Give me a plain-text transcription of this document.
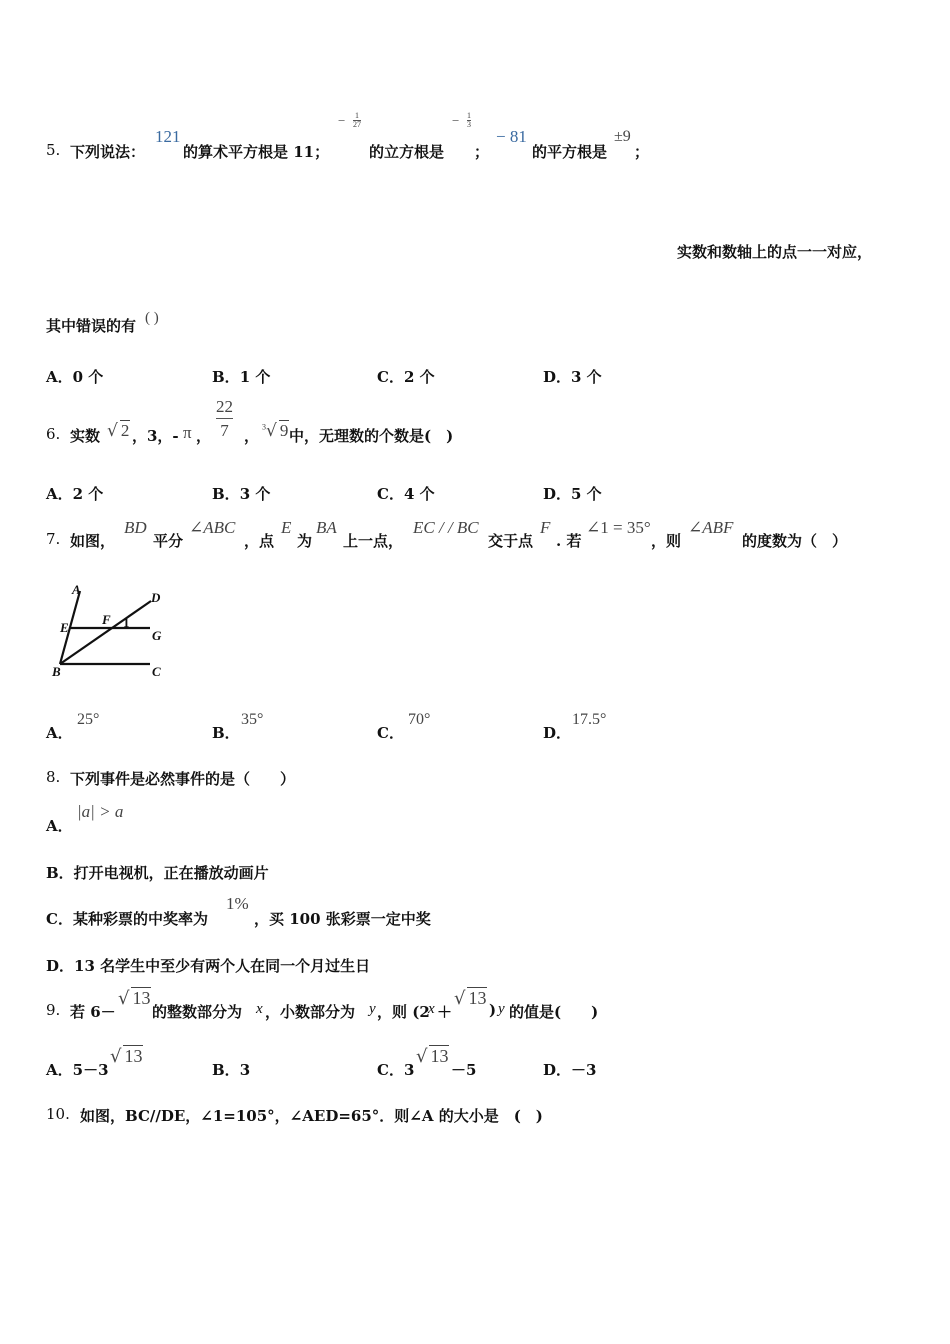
5. 下列说法：
121
的算术平方根是 11；
− $\frac{1}{27}$
的立方根是
− $\frac{1}{3}$
；
− 81
的平方根是
±9
；
实数和数轴上的点一一对应，
其中错误的有 ( )
A．0 个	B．1 个	C．2 个	D．3 个
6. 实数 √ 2 ，3，- π ， $\frac{22}{7}$ ，
$^3$√ 9 中，无理数的个数是(　)
A．2 个	B．3 个	C．4 个	D．5 个
7. 如图，
BD
平分
∠ABC
，点
E
为
BA
上一点，
EC / / BC
交于点
F
. 若
∠1 = 35°
，则
∠ABF
的度数为（　）
A
D
E
F 1
G
B	C
A．
25°
B．
35°
C．
70°
D．
17.5°
8. 下列事件是必然事件的是（　　）
A．
|a| > a
B．打开电视机，正在播放动画片
C．某种彩票的中奖率为
1%
，买 100 张彩票一定中奖
D．13 名学生中至少有两个人在同一个月过生日
9. 若 6－
√ 13
的整数部分为 x ，小数部分为 y ，则 (2
x ＋
√ 13
) y 的值是(　　)
A．5－3
√ 13
B．3	C．3
√ 13
－5	D．－3
10. 如图，BC//DE，∠1=105°，∠AED=65°．则∠A 的大小是　(　)
